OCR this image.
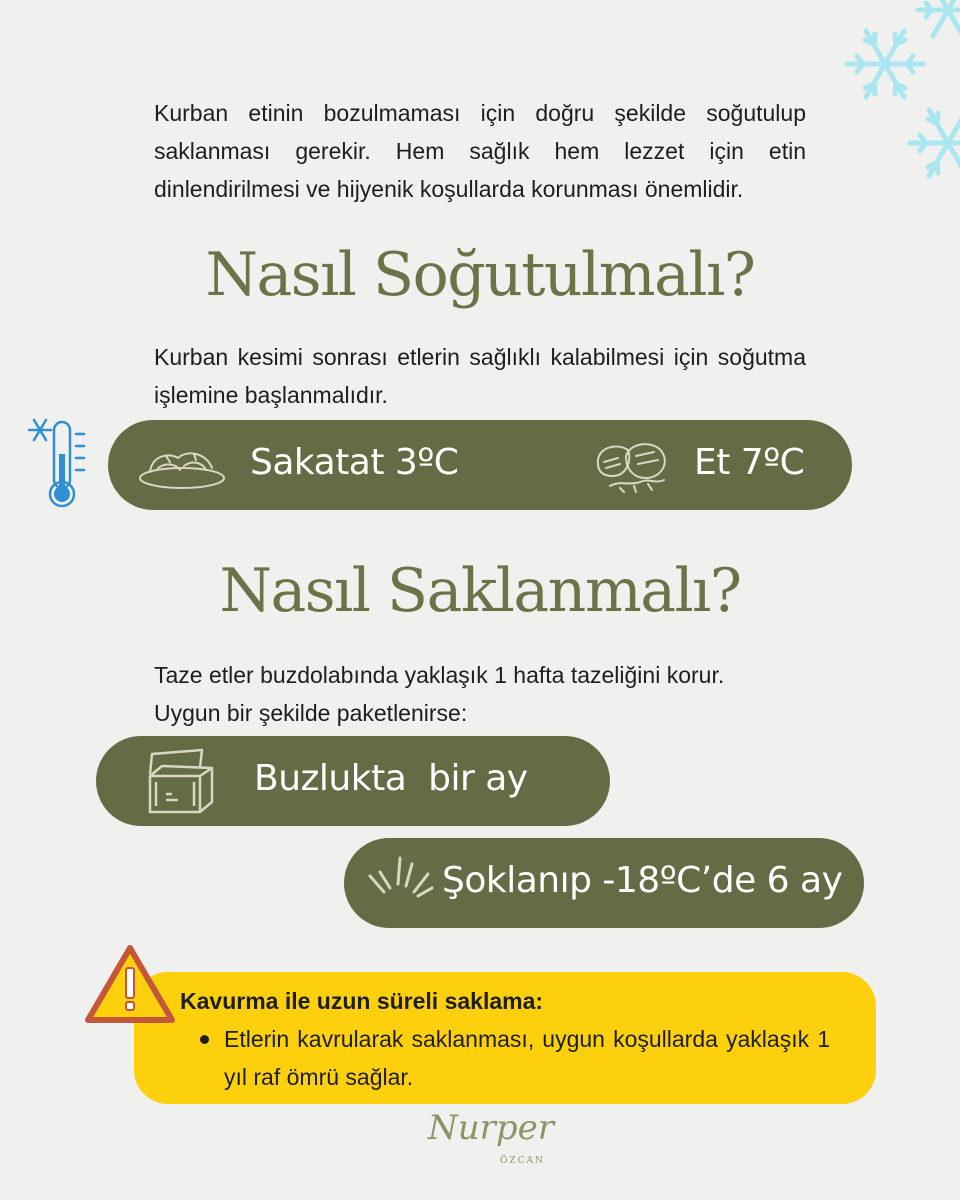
Kurban etinin bozulmaması için doğru şekilde soğutulup saklanması gerekir. Hem sağlık hem lezzet için etin dinlendirilmesi ve hijyenik koşullarda korunması önemlidir.

Nasıl Soğutulmalı?

Kurban kesimi sonrası etlerin sağlıklı kalabilmesi için soğutma işlemine başlanmalıdır.

Sakatat 3ºC	Et 7ºC
Nasıl Saklanmalı?

Taze etler buzdolabında yaklaşık 1 hafta tazeliğini korur.

Uygun bir şekilde paketlenirse:

Buzlukta  bir ay
Şoklanıp -18ºC’de 6 ay
Kavurma ile uzun süreli saklama:

Etlerin kavrularak saklanması, uygun koşullarda yaklaşık 1 yıl raf ömrü sağlar.

Nurper
ÖZCAN
